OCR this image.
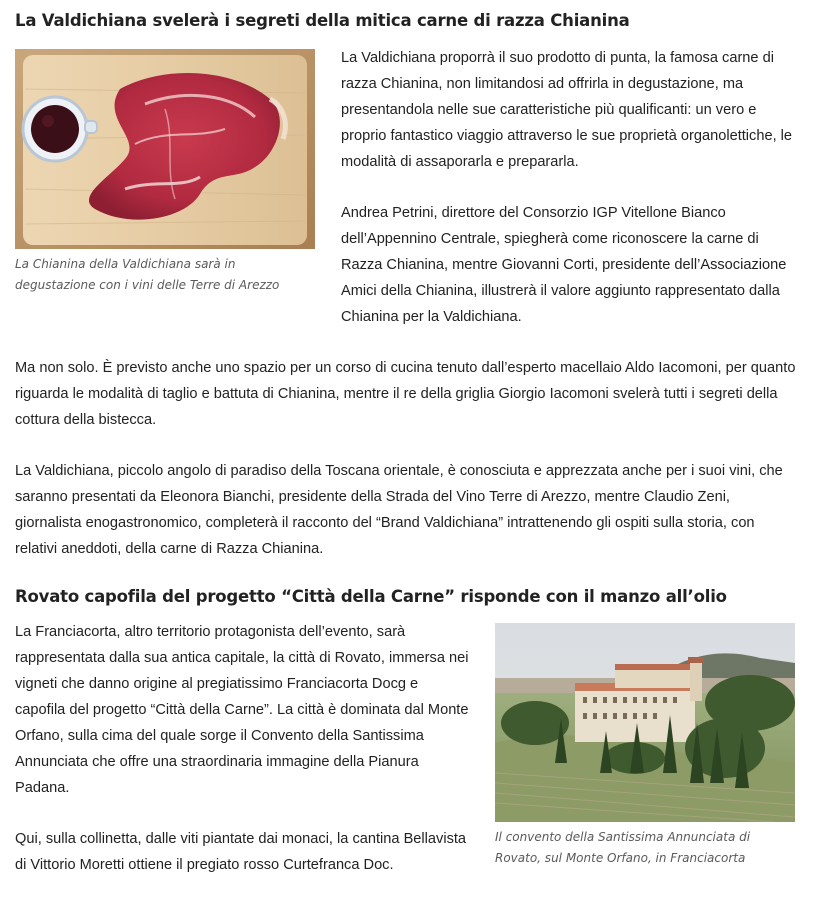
La Valdichiana svelerà i segreti della mitica carne di razza Chianina

La Chianina della Valdichiana sarà in degustazione con i vini delle Terre di Arezzo

La Valdichiana proporrà il suo prodotto di punta, la famosa carne di razza Chianina, non limitandosi ad offrirla in degustazione, ma presentandola nelle sue caratteristiche più qualificanti: un vero e proprio fantastico viaggio attraverso le sue proprietà organolettiche, le modalità di assaporarla e prepararla.

Andrea Petrini, direttore del Consorzio IGP Vitellone Bianco dell’Appennino Centrale, spiegherà come riconoscere la carne di Razza Chianina, mentre Giovanni Corti, presidente dell’Associazione Amici della Chianina, illustrerà il valore aggiunto rappresentato dalla Chianina per la Valdichiana.

Ma non solo. È previsto anche uno spazio per un corso di cucina tenuto dall’esperto macellaio Aldo Iacomoni, per quanto riguarda le modalità di taglio e battuta di Chianina, mentre il re della griglia Giorgio Iacomoni svelerà tutti i segreti della cottura della bistecca.

La Valdichiana, piccolo angolo di paradiso della Toscana orientale, è conosciuta e apprezzata anche per i suoi vini, che saranno presentati da Eleonora Bianchi, presidente della Strada del Vino Terre di Arezzo, mentre Claudio Zeni, giornalista enogastronomico, completerà il racconto del “Brand Valdichiana” intrattenendo gli ospiti sulla storia, con relativi aneddoti, della carne di Razza Chianina.

Rovato capofila del progetto “Città della Carne” risponde con il manzo all’olio

La Franciacorta, altro territorio protagonista dell’evento, sarà rappresentata dalla sua antica capitale, la città di Rovato, immersa nei vigneti che danno origine al pregiatissimo Franciacorta Docg e capofila del progetto “Città della Carne”. La città è dominata dal Monte Orfano, sulla cima del quale sorge il Convento della Santissima Annunciata che offre una straordinaria immagine della Pianura Padana.

Qui, sulla collinetta, dalle viti piantate dai monaci, la cantina Bellavista di Vittorio Moretti ottiene il pregiato rosso Curtefranca Doc.

Il convento della Santissima Annunciata di Rovato, sul Monte Orfano, in Franciacorta
